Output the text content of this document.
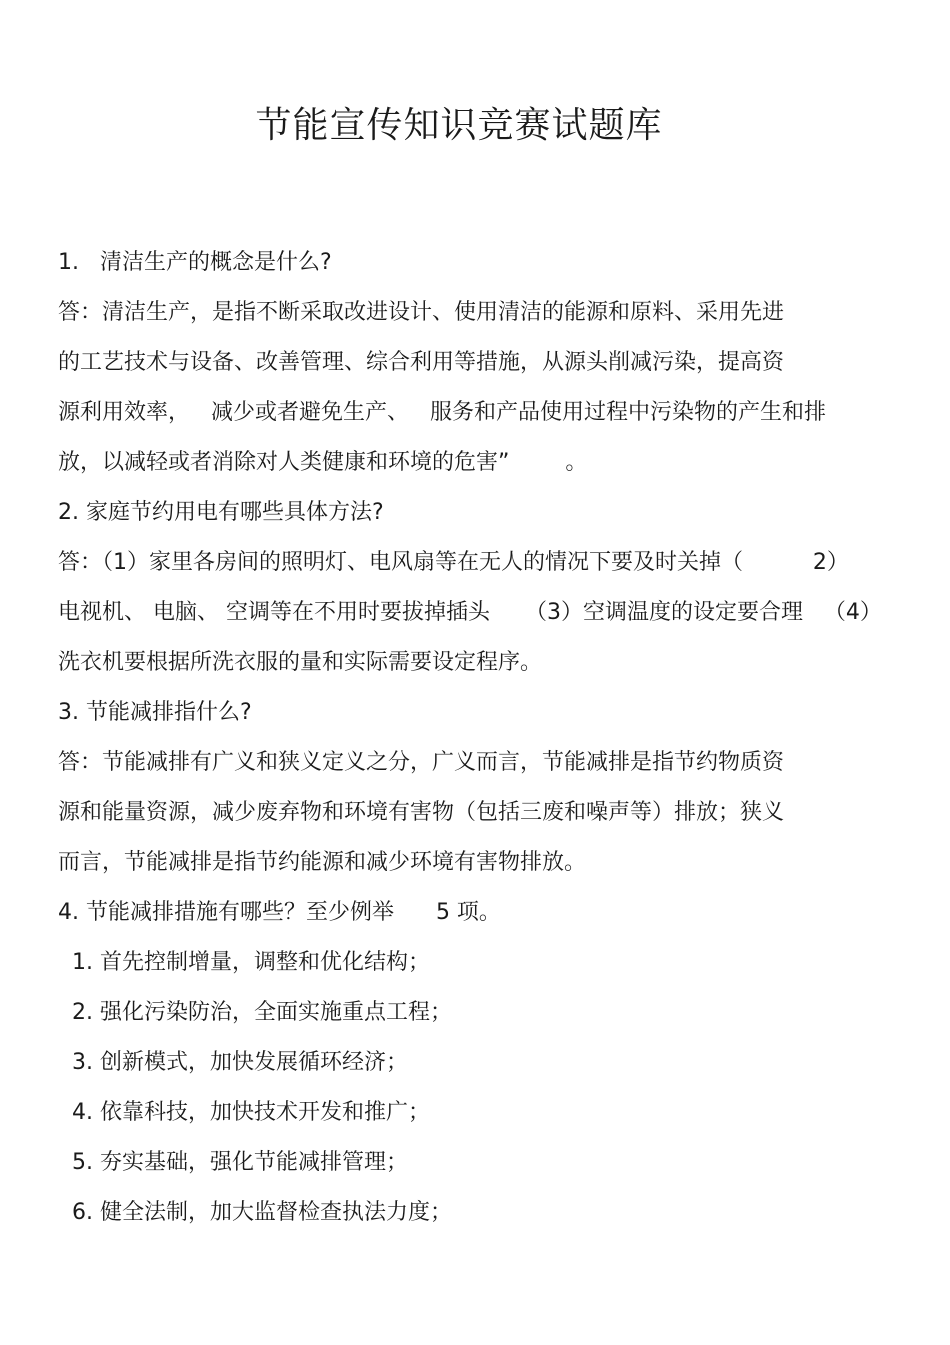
节能宣传知识竞赛试题库
1.   清洁生产的概念是什么?
答：清洁生产，是指不断采取改进设计、使用清洁的能源和原料、采用先进
的工艺技术与设备、改善管理、综合利用等措施，从源头削减污染，提高资
源利用效率，   减少或者避免生产、   服务和产品使用过程中污染物的产生和排
放，以减轻或者消除对人类健康和环境的危害”        。
2. 家庭节约用电有哪些具体方法?
答：（1）家里各房间的照明灯、电风扇等在无人的情况下要及时关掉（          2）
电视机、 电脑、 空调等在不用时要拔掉插头     （3）空调温度的设定要合理   （4）
洗衣机要根据所洗衣服的量和实际需要设定程序。
3. 节能减排指什么?
答：节能减排有广义和狭义定义之分，广义而言，节能减排是指节约物质资
源和能量资源，减少废弃物和环境有害物（包括三废和噪声等）排放；狭义
而言，节能减排是指节约能源和减少环境有害物排放。
4. 节能减排措施有哪些？至少例举      5 项。
1. 首先控制增量，调整和优化结构；
2. 强化污染防治，全面实施重点工程；
3. 创新模式，加快发展循环经济；
4. 依靠科技，加快技术开发和推广；
5. 夯实基础，强化节能减排管理；
6. 健全法制，加大监督检查执法力度；
